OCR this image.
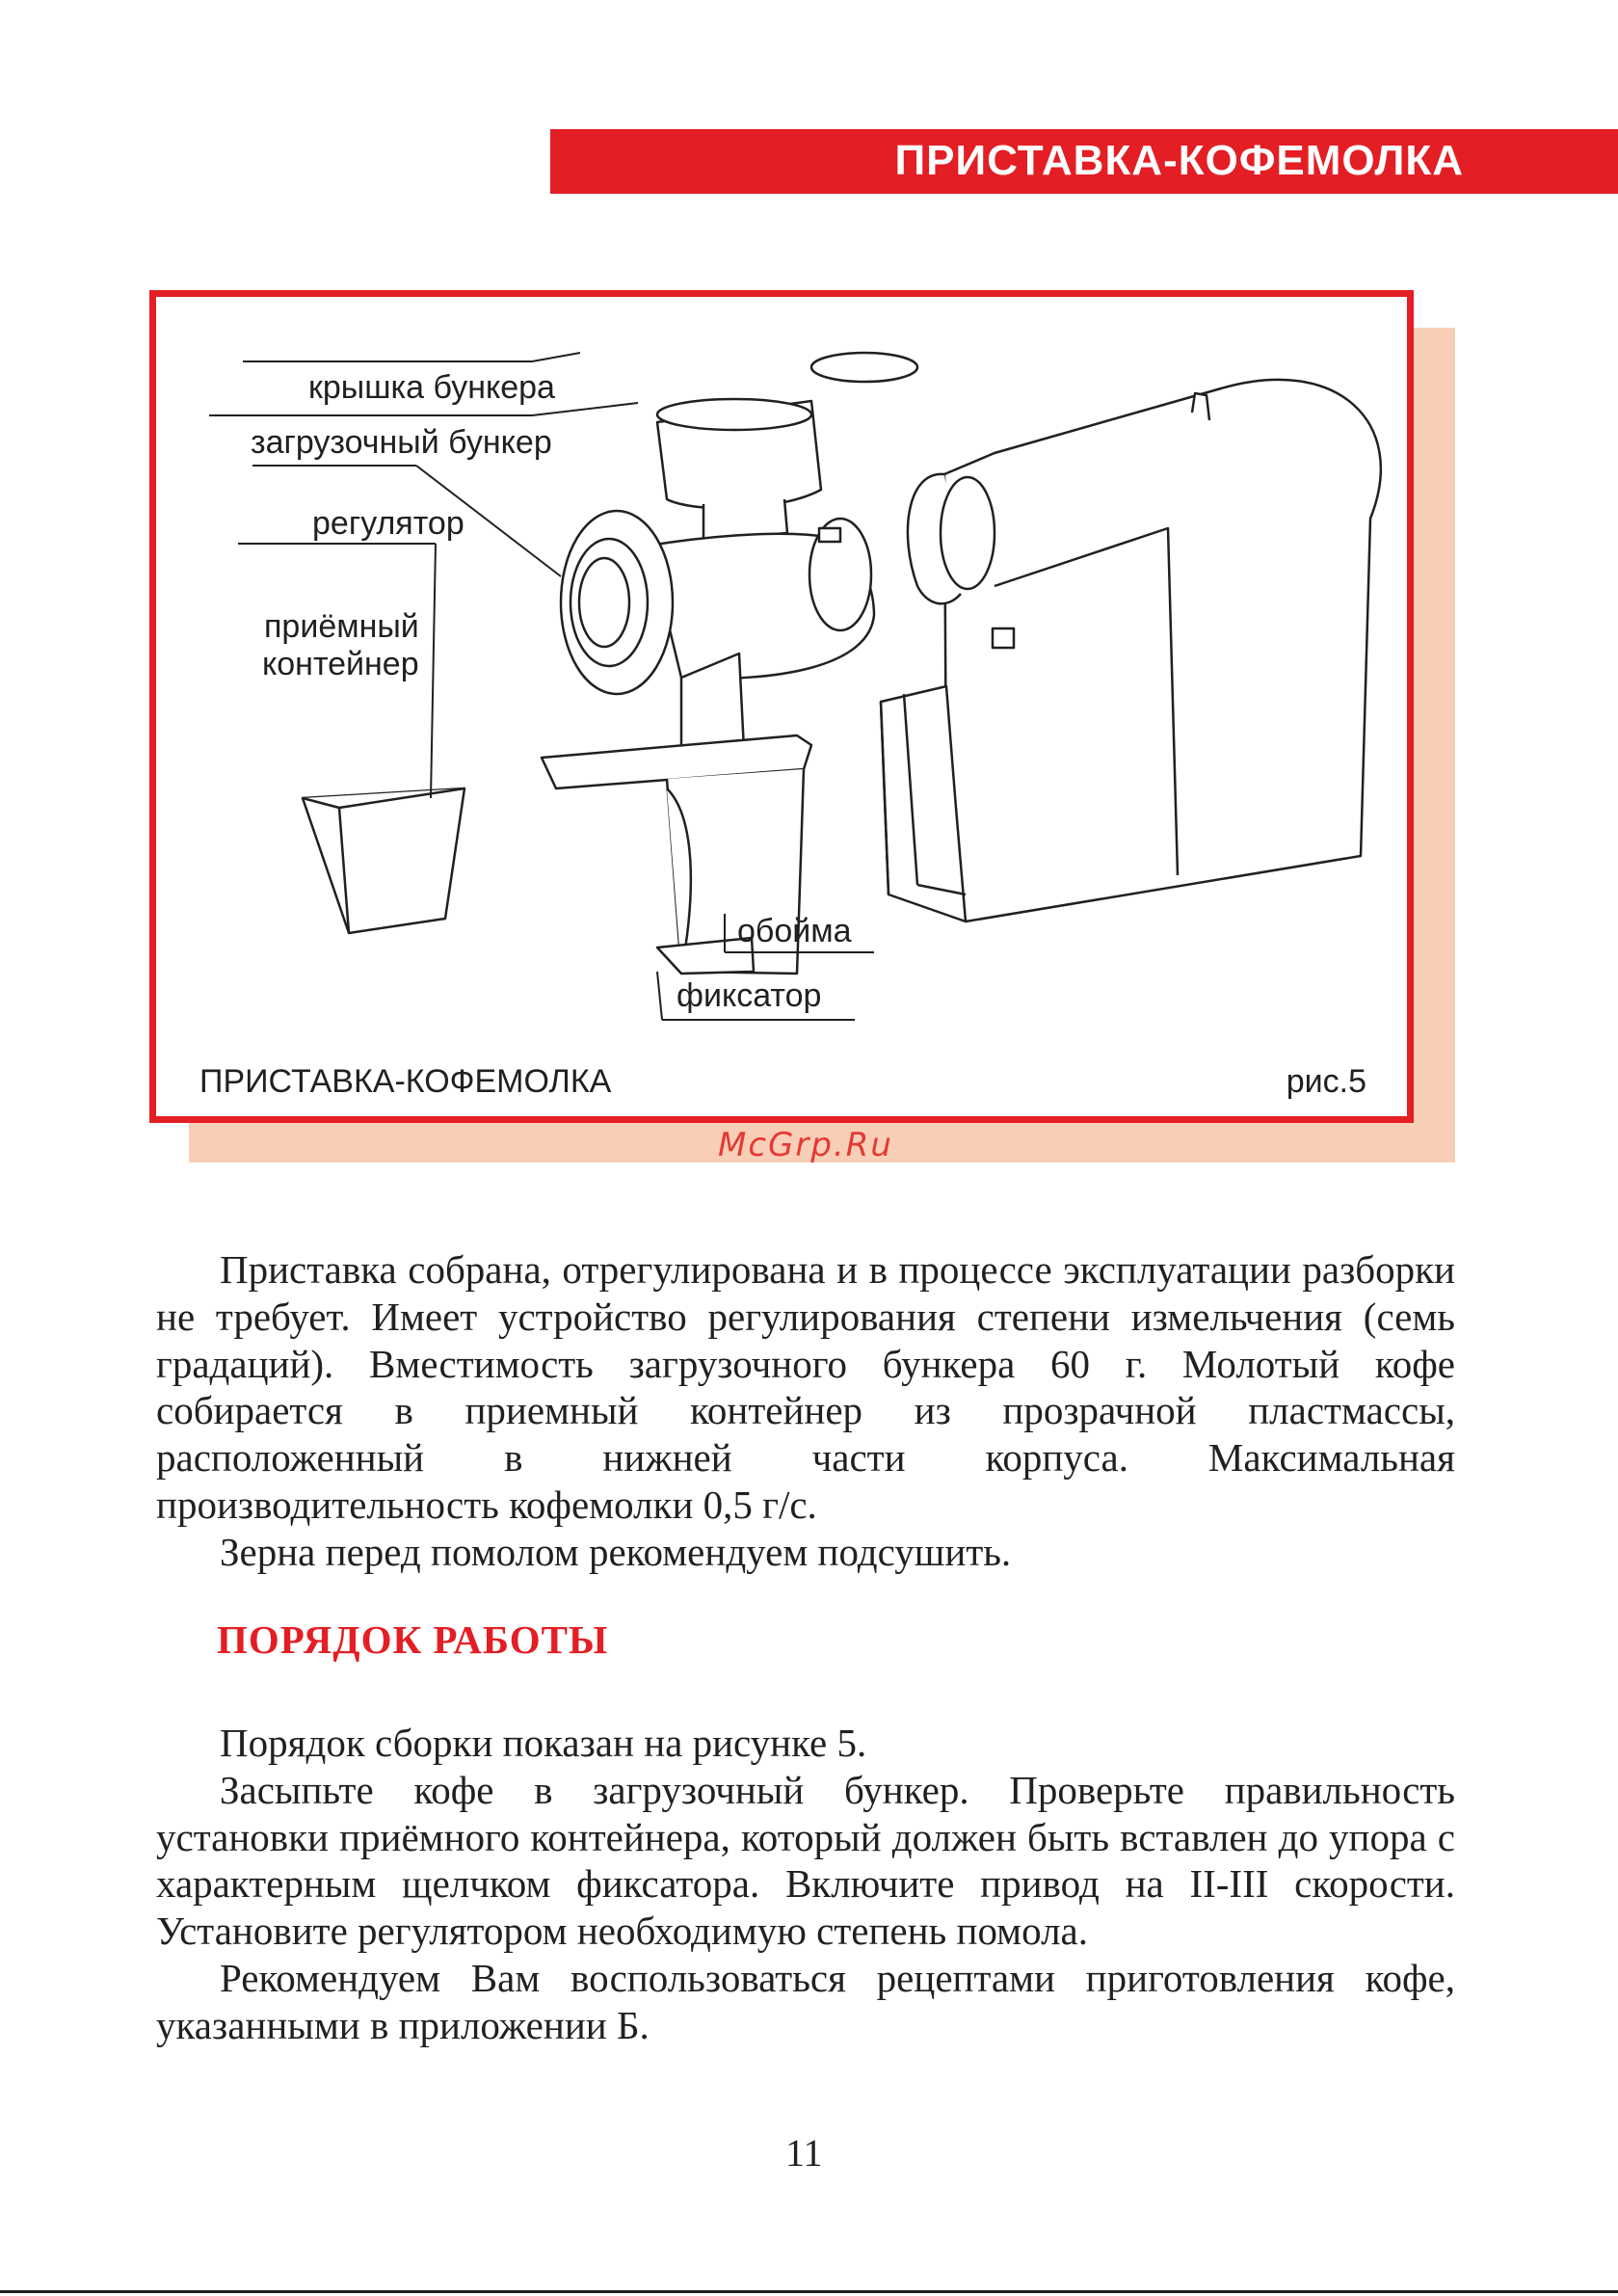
ПРИСТАВКА-КОФЕМОЛКА
крышка бункера
загрузочный бункер
регулятор
приёмный
контейнер
обойма
фиксатор
ПРИСТАВКА-КОФЕМОЛКА	рис.5
McGrp.Ru

Приставка собрана, отрегулирована и в процессе эксплуатации разборки не требует. Имеет устройство регулирования степени измельчения (семь градаций). Вместимость загрузочного бункера 60 г. Молотый кофе собирается в приемный контейнер из прозрачной пластмассы, расположенный в нижней части корпуса. Максимальная производительность кофемолки 0,5 г/с.

Зерна перед помолом рекомендуем подсушить.

ПОРЯДОК РАБОТЫ

Порядок сборки показан на рисунке 5.

Засыпьте кофе в загрузочный бункер. Проверьте правильность установки приёмного контейнера, который должен быть вставлен до упора с характерным щелчком фиксатора. Включите привод на II-III скорости. Установите регулятором необходимую степень помола.

Рекомендуем Вам воспользоваться рецептами приготовления кофе, указанными в приложении Б.

11
